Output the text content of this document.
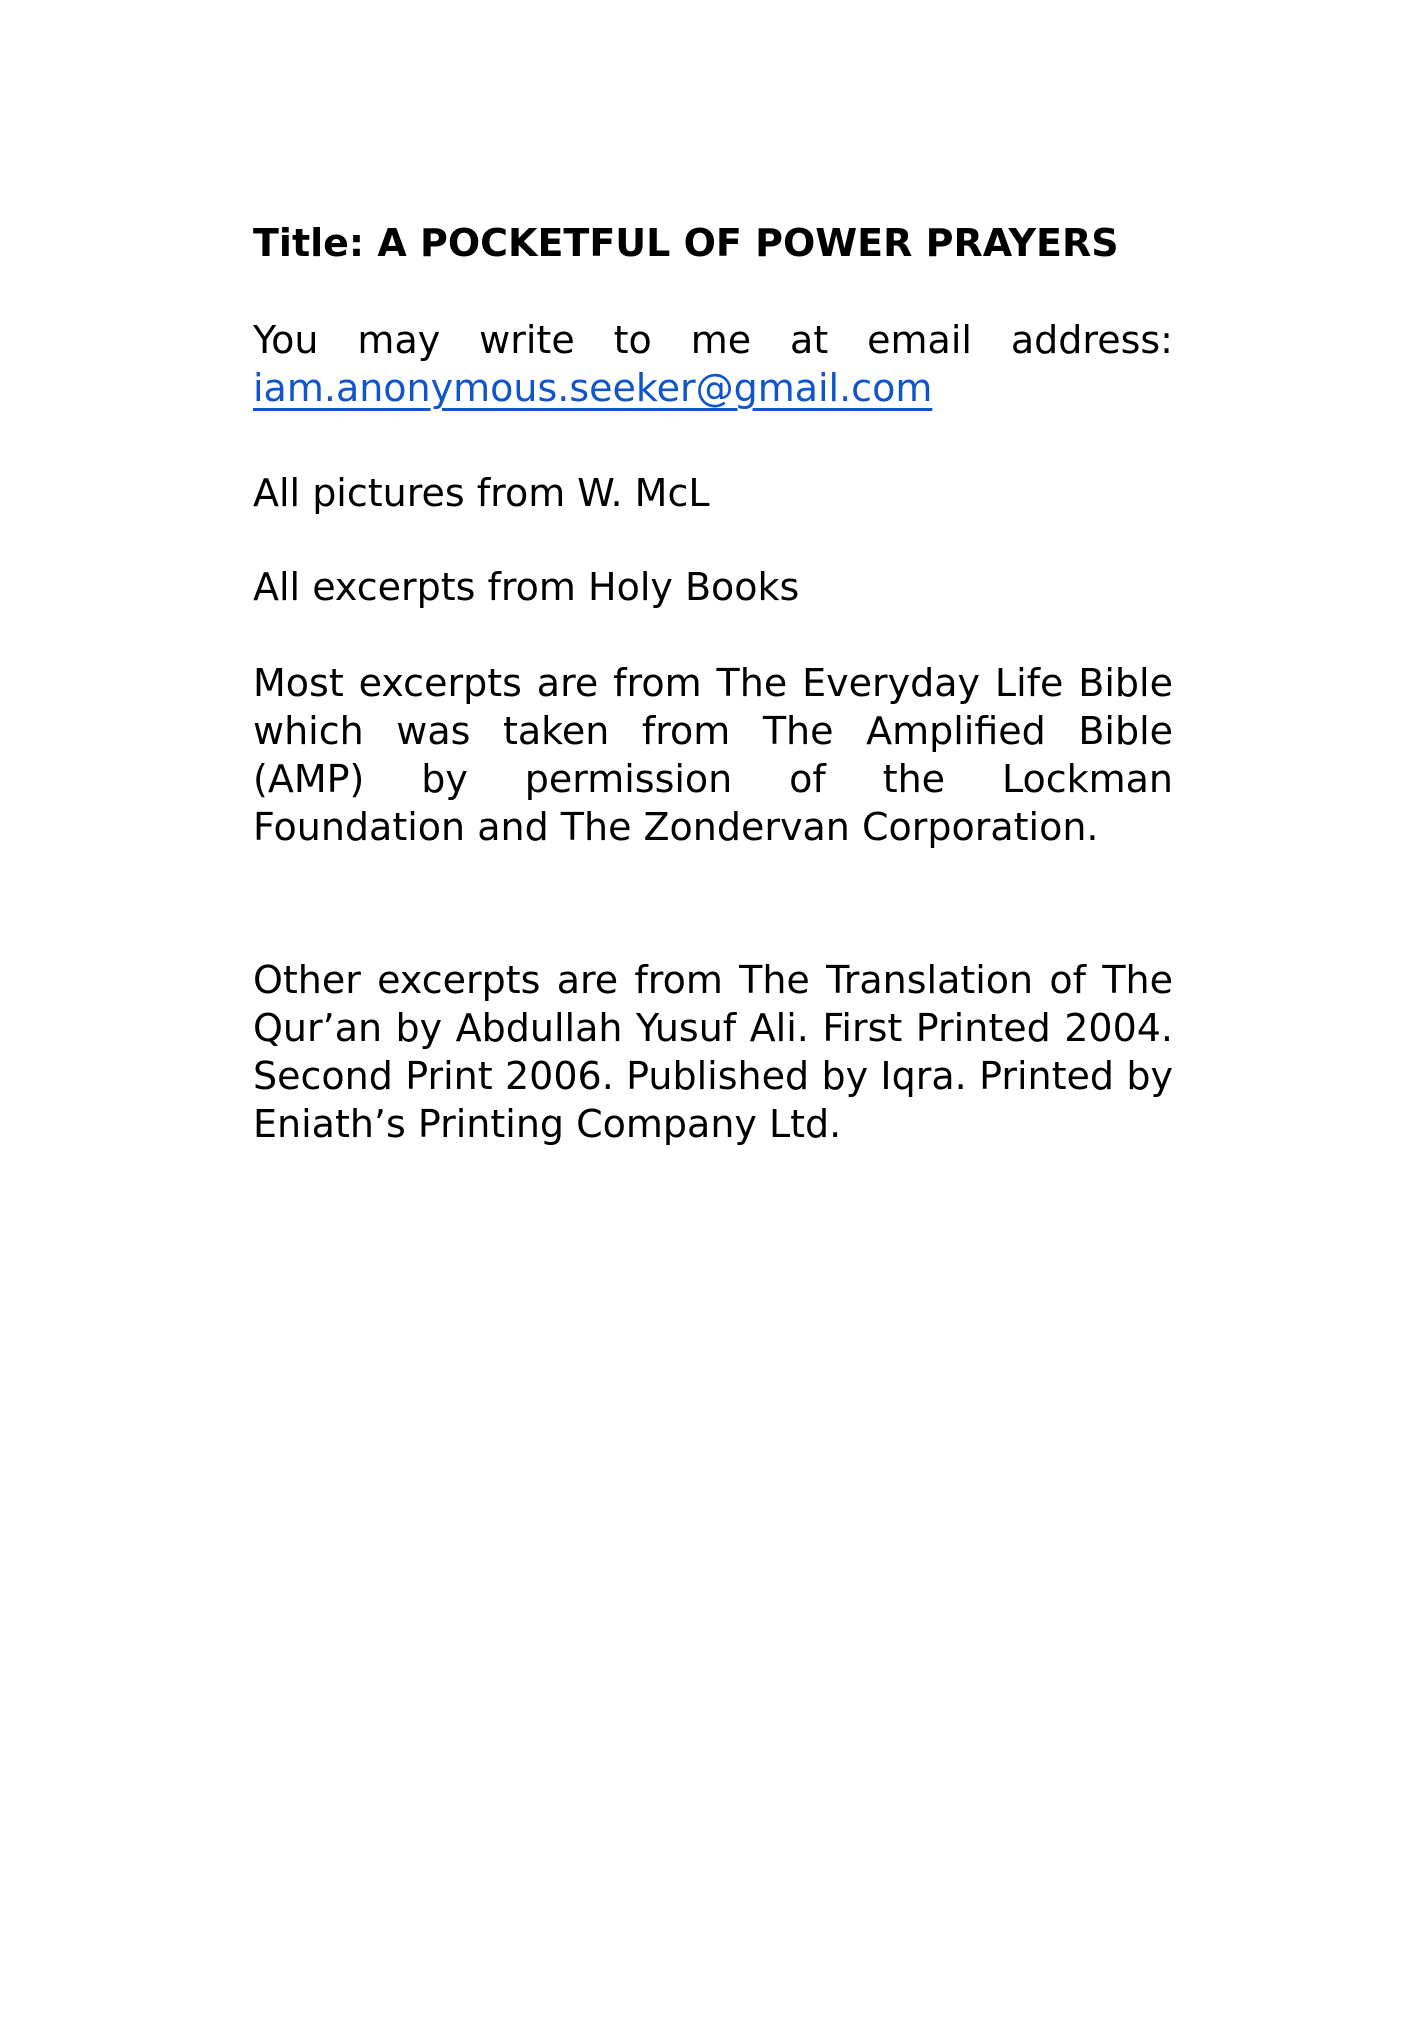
Title: A POCKETFUL OF POWER PRAYERS

You may write to me at email address: iam.anonymous.seeker@gmail.com

All pictures from W. McL

All excerpts from Holy Books

Most excerpts are from The Everyday Life Bible which was taken from The Amplified Bible (AMP) by permission of the Lockman Foundation and The Zondervan Corporation.

Other excerpts are from The Translation of The Qur’an by Abdullah Yusuf Ali. First Printed 2004. Second Print 2006. Published by Iqra. Printed by Eniath’s Printing Company Ltd.
